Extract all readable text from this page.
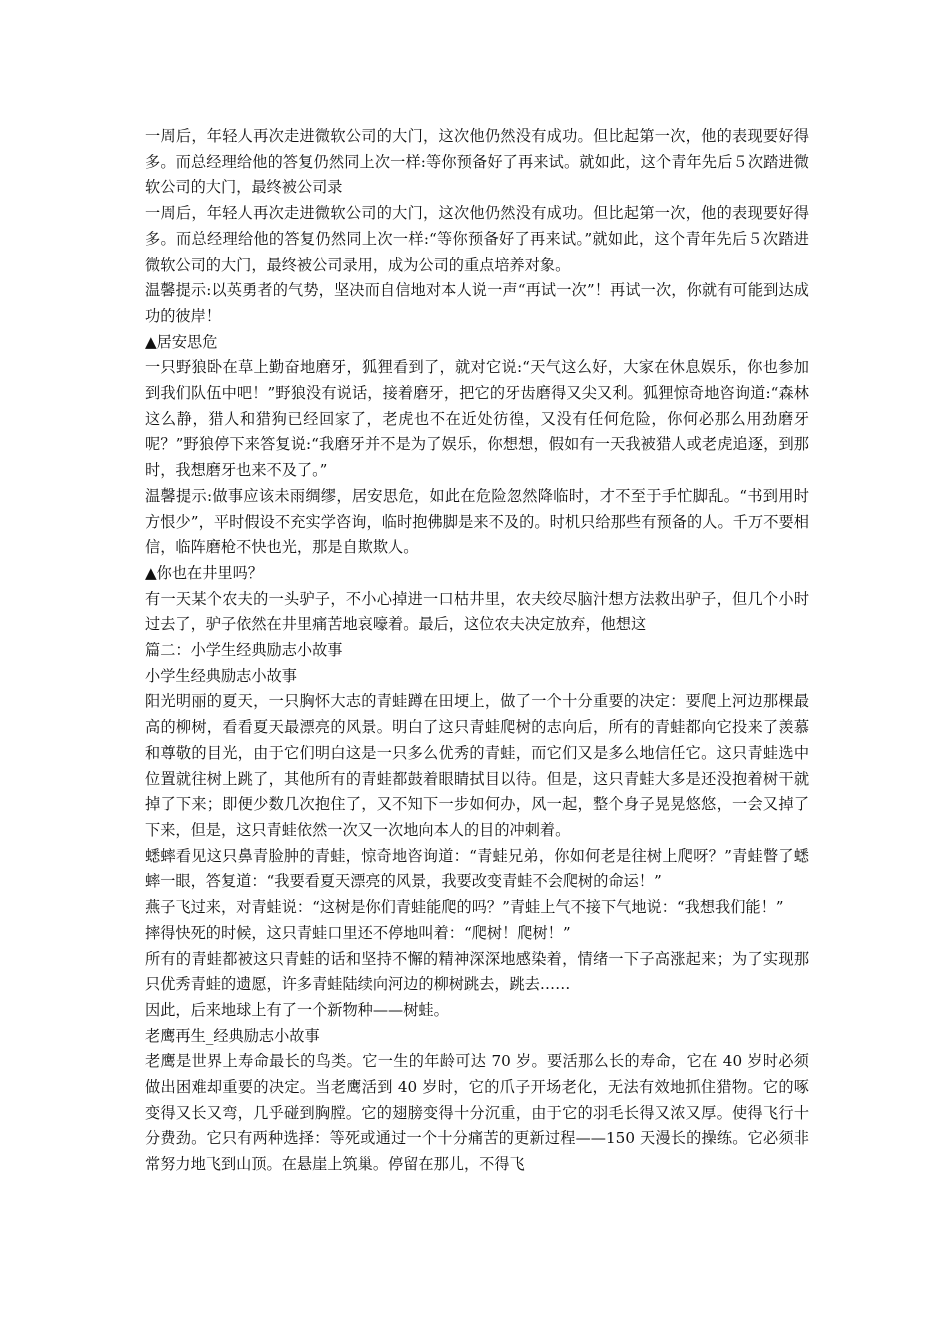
一周后，年轻人再次走进微软公司的大门，这次他仍然没有成功。但比起第一次，他的表现要好得多。而总经理给他的答复仍然同上次一样:等你预备好了再来试。就如此，这个青年先后５次踏进微软公司的大门，最终被公司录

一周后，年轻人再次走进微软公司的大门，这次他仍然没有成功。但比起第一次，他的表现要好得多。而总经理给他的答复仍然同上次一样:“等你预备好了再来试。”就如此，这个青年先后５次踏进微软公司的大门，最终被公司录用，成为公司的重点培养对象。

温馨提示:以英勇者的气势，坚决而自信地对本人说一声“再试一次”！再试一次，你就有可能到达成功的彼岸！

▲居安思危

一只野狼卧在草上勤奋地磨牙，狐狸看到了，就对它说:“天气这么好，大家在休息娱乐，你也参加到我们队伍中吧！”野狼没有说话，接着磨牙，把它的牙齿磨得又尖又利。狐狸惊奇地咨询道:“森林这么静，猎人和猎狗已经回家了，老虎也不在近处彷徨，又没有任何危险，你何必那么用劲磨牙呢？”野狼停下来答复说:“我磨牙并不是为了娱乐，你想想，假如有一天我被猎人或老虎追逐，到那时，我想磨牙也来不及了。”

温馨提示:做事应该未雨绸缪，居安思危，如此在危险忽然降临时，才不至于手忙脚乱。“书到用时方恨少”，平时假设不充实学咨询，临时抱佛脚是来不及的。时机只给那些有预备的人。千万不要相信，临阵磨枪不快也光，那是自欺欺人。

▲你也在井里吗？

有一天某个农夫的一头驴子，不小心掉进一口枯井里，农夫绞尽脑汁想方法救出驴子，但几个小时过去了，驴子依然在井里痛苦地哀嚎着。最后，这位农夫决定放弃，他想这

篇二：小学生经典励志小故事

小学生经典励志小故事

阳光明丽的夏天，一只胸怀大志的青蛙蹲在田埂上，做了一个十分重要的决定：要爬上河边那棵最高的柳树，看看夏天最漂亮的风景。明白了这只青蛙爬树的志向后，所有的青蛙都向它投来了羡慕和尊敬的目光，由于它们明白这是一只多么优秀的青蛙，而它们又是多么地信任它。这只青蛙选中位置就往树上跳了，其他所有的青蛙都鼓着眼睛拭目以待。但是，这只青蛙大多是还没抱着树干就掉了下来；即便少数几次抱住了，又不知下一步如何办，风一起，整个身子晃晃悠悠，一会又掉了下来，但是，这只青蛙依然一次又一次地向本人的目的冲刺着。

蟋蟀看见这只鼻青脸肿的青蛙，惊奇地咨询道：“青蛙兄弟，你如何老是往树上爬呀？”青蛙瞥了蟋蟀一眼，答复道：“我要看夏天漂亮的风景，我要改变青蛙不会爬树的命运！”

燕子飞过来，对青蛙说：“这树是你们青蛙能爬的吗？”青蛙上气不接下气地说：“我想我们能！”

摔得快死的时候，这只青蛙口里还不停地叫着：“爬树！爬树！”

所有的青蛙都被这只青蛙的话和坚持不懈的精神深深地感染着，情绪一下子高涨起来；为了实现那只优秀青蛙的遗愿，许多青蛙陆续向河边的柳树跳去，跳去……

因此，后来地球上有了一个新物种——树蛙。

老鹰再生_经典励志小故事

老鹰是世界上寿命最长的鸟类。它一生的年龄可达 70 岁。要活那么长的寿命，它在 40 岁时必须做出困难却重要的决定。当老鹰活到 40 岁时，它的爪子开场老化，无法有效地抓住猎物。它的啄变得又长又弯，几乎碰到胸膛。它的翅膀变得十分沉重，由于它的羽毛长得又浓又厚。使得飞行十分费劲。它只有两种选择：等死或通过一个十分痛苦的更新过程——150 天漫长的操练。它必须非常努力地飞到山顶。在悬崖上筑巢。停留在那儿，不得飞
